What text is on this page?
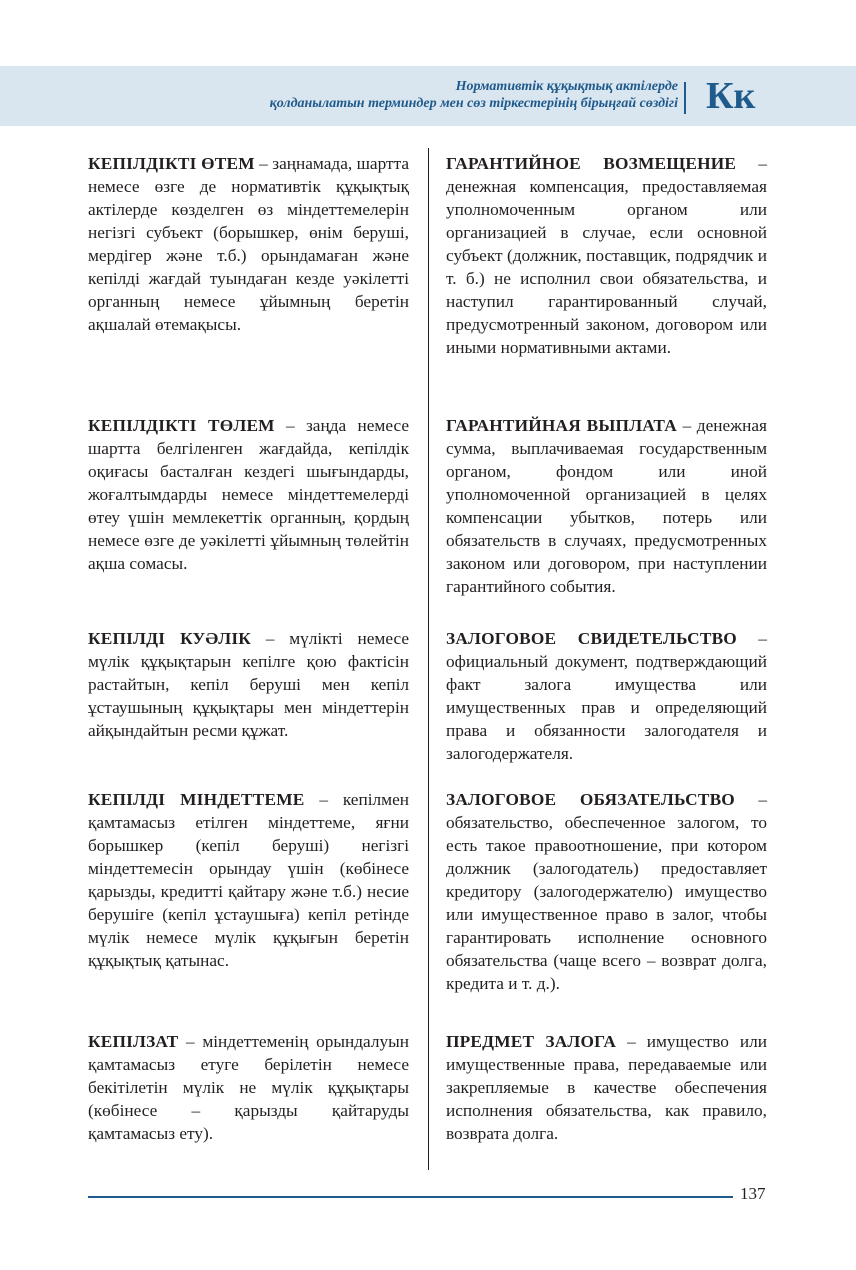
Нормативтік құқықтық актілерде
қолданылатын терминдер мен сөз тіркестерінің бірыңғай сөздігі Кк

КЕПІЛДІКТІ ӨТЕМ – заңнамада, шартта немесе өзге де нормативтік құқықтық актілерде көзделген өз міндеттемелерін негізгі субъект (борышкер, өнім беруші, мердігер және т.б.) орындамаған және кепілді жағдай туындаған кезде уәкілетті органның немесе ұйымның беретін ақшалай өтемақысы.

КЕПІЛДІКТІ ТӨЛЕМ – заңда немесе шартта белгіленген жағдайда, кепілдік оқиғасы басталған кездегі шығындарды, жоғалтымдарды немесе міндеттемелерді өтеу үшін мемлекеттік органның, қордың немесе өзге де уәкілетті ұйымның төлейтін ақша сомасы.

КЕПІЛДІ КУӘЛІК – мүлікті немесе мүлік құқықтарын кепілге қою фактісін растайтын, кепіл беруші мен кепіл ұстаушының құқықтары мен міндеттерін айқындайтын ресми құжат.

КЕПІЛДІ МІНДЕТТЕМЕ – кепілмен қамтамасыз етілген міндеттеме, яғни борышкер (кепіл беруші) негізгі міндеттемесін орындау үшін (көбінесе қарызды, кредитті қайтару және т.б.) несие берушіге (кепіл ұстаушыға) кепіл ретінде мүлік немесе мүлік құқығын беретін құқықтық қатынас.

КЕПІЛЗАТ – міндеттеменің орындалуын қамтамасыз етуге берілетін немесе бекітілетін мүлік не мүлік құқықтары (көбінесе – қарызды қайтаруды қамтамасыз ету).

ГАРАНТИЙНОЕ ВОЗМЕЩЕНИЕ – денежная компенсация, предоставляемая уполномоченным органом или организацией в случае, если основной субъект (должник, поставщик, подрядчик и т. б.) не исполнил свои обязательства, и наступил гарантированный случай, предусмотренный законом, договором или иными нормативными актами.

ГАРАНТИЙНАЯ ВЫПЛАТА – денежная сумма, выплачиваемая государственным органом, фондом или иной уполномоченной организацией в целях компенсации убытков, потерь или обязательств в случаях, предусмотренных законом или договором, при наступлении гарантийного события.

ЗАЛОГОВОЕ СВИДЕТЕЛЬСТВО – официальный документ, подтверждающий факт залога имущества или имущественных прав и определяющий права и обязанности залогодателя и залогодержателя.

ЗАЛОГОВОЕ ОБЯЗАТЕЛЬСТВО – обязательство, обеспеченное залогом, то есть такое правоотношение, при котором должник (залогодатель) предоставляет кредитору (залогодержателю) имущество или имущественное право в залог, чтобы гарантировать исполнение основного обязательства (чаще всего – возврат долга, кредита и т. д.).

ПРЕДМЕТ ЗАЛОГА – имущество или имущественные права, передаваемые или закрепляемые в качестве обеспечения исполнения обязательства, как правило, возврата долга.

137
